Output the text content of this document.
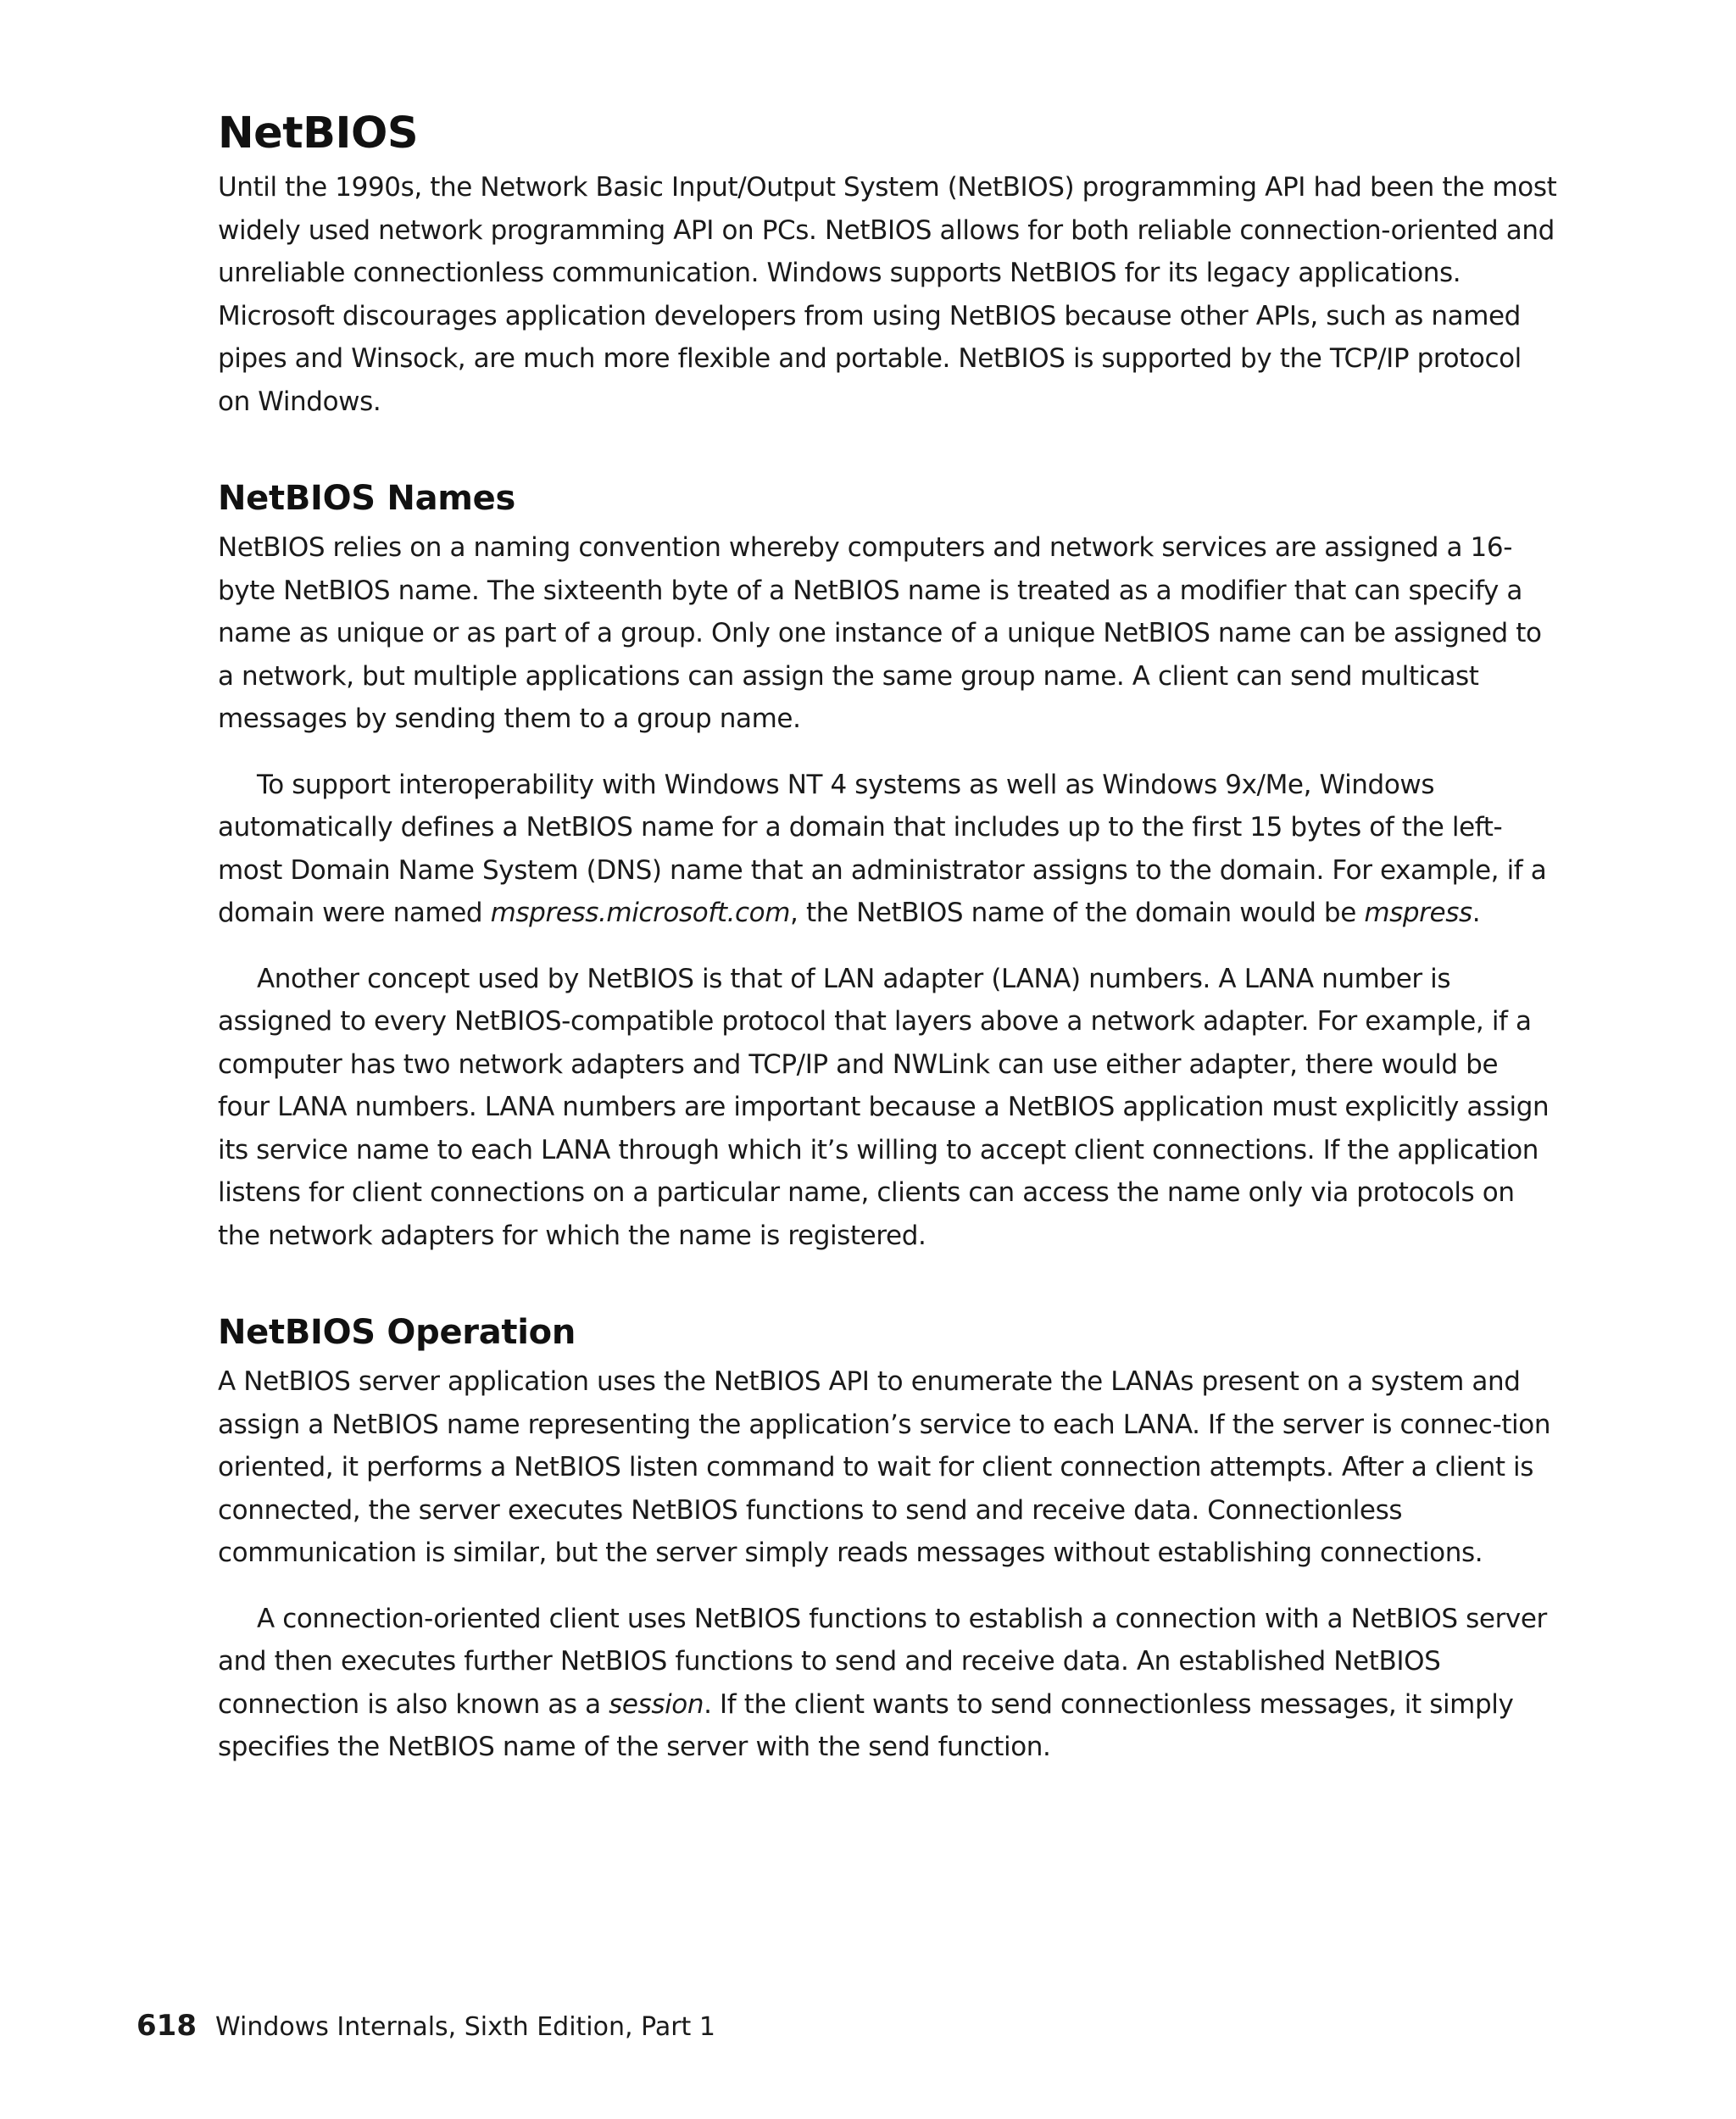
NetBIOS

Until the 1990s, the Network Basic Input/Output System (NetBIOS) programming API had been the most widely used network programming API on PCs. NetBIOS allows for both reliable connection-oriented and unreliable connectionless communication. Windows supports NetBIOS for its legacy applications. Microsoft discourages application developers from using NetBIOS because other APIs, such as named pipes and Winsock, are much more flexible and portable. NetBIOS is supported by the TCP/IP protocol on Windows.

NetBIOS Names

NetBIOS relies on a naming convention whereby computers and network services are assigned a 16-byte NetBIOS name. The sixteenth byte of a NetBIOS name is treated as a modifier that can specify a name as unique or as part of a group. Only one instance of a unique NetBIOS name can be assigned to a network, but multiple applications can assign the same group name. A client can send multicast messages by sending them to a group name.

To support interoperability with Windows NT 4 systems as well as Windows 9x/Me, Windows automatically defines a NetBIOS name for a domain that includes up to the first 15 bytes of the left-most Domain Name System (DNS) name that an administrator assigns to the domain. For example, if a domain were named mspress.microsoft.com, the NetBIOS name of the domain would be mspress.

Another concept used by NetBIOS is that of LAN adapter (LANA) numbers. A LANA number is assigned to every NetBIOS-compatible protocol that layers above a network adapter. For example, if a computer has two network adapters and TCP/IP and NWLink can use either adapter, there would be four LANA numbers. LANA numbers are important because a NetBIOS application must explicitly assign its service name to each LANA through which it’s willing to accept client connections. If the application listens for client connections on a particular name, clients can access the name only via protocols on the network adapters for which the name is registered.

NetBIOS Operation

A NetBIOS server application uses the NetBIOS API to enumerate the LANAs present on a system and assign a NetBIOS name representing the application’s service to each LANA. If the server is connec-tion oriented, it performs a NetBIOS listen command to wait for client connection attempts. After a client is connected, the server executes NetBIOS functions to send and receive data. Connectionless communication is similar, but the server simply reads messages without establishing connections.

A connection-oriented client uses NetBIOS functions to establish a connection with a NetBIOS server and then executes further NetBIOS functions to send and receive data. An established NetBIOS connection is also known as a session. If the client wants to send connectionless messages, it simply specifies the NetBIOS name of the server with the send function.

618 Windows Internals, Sixth Edition, Part 1
